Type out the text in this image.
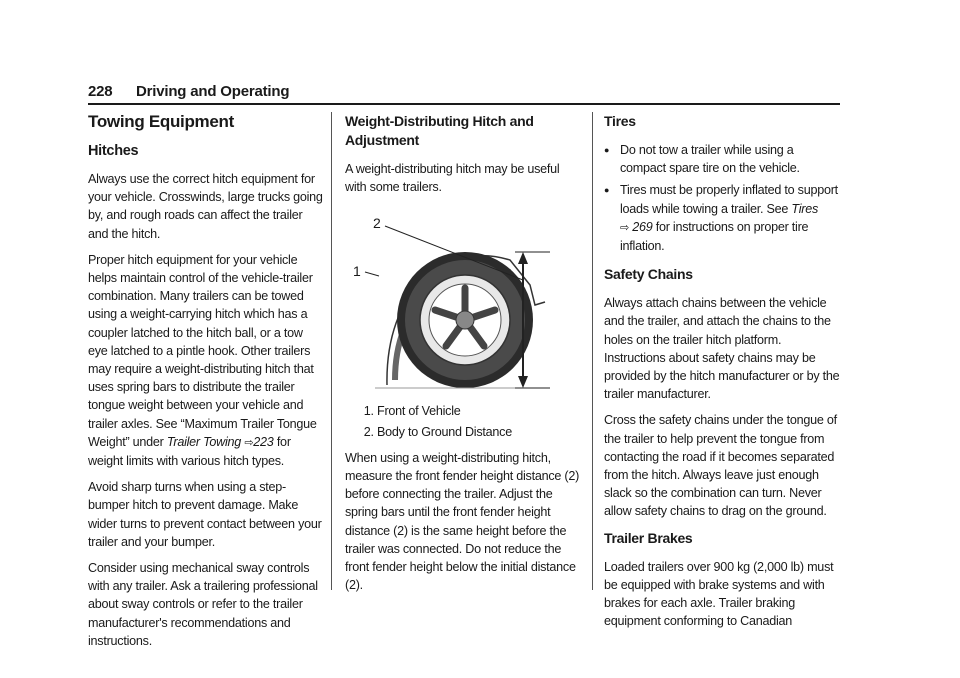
228 Driving and Operating
Towing Equipment
Hitches

Always use the correct hitch equipment for your vehicle. Crosswinds, large trucks going by, and rough roads can affect the trailer and the hitch.

Proper hitch equipment for your vehicle helps maintain control of the vehicle-trailer combination. Many trailers can be towed using a weight-carrying hitch which has a coupler latched to the hitch ball, or a tow eye latched to a pintle hook. Other trailers may require a weight-distributing hitch that uses spring bars to distribute the trailer tongue weight between your vehicle and trailer axles. See “Maximum Trailer Tongue Weight” under Trailer Towing ⇨223 for weight limits with various hitch types.

Avoid sharp turns when using a step-bumper hitch to prevent damage. Make wider turns to prevent contact between your trailer and your bumper.

Consider using mechanical sway controls with any trailer. Ask a trailering professional about sway controls or refer to the trailer manufacturer's recommendations and instructions.

Weight-Distributing Hitch and Adjustment

A weight-distributing hitch may be useful with some trailers.

2
1
1. Front of Vehicle
2. Body to Ground Distance

When using a weight-distributing hitch, measure the front fender height distance (2) before connecting the trailer. Adjust the spring bars until the front fender height distance (2) is the same height before the trailer was connected. Do not reduce the front fender height below the initial distance (2).

Tires
● Do not tow a trailer while using a compact spare tire on the vehicle.
● Tires must be properly inflated to support loads while towing a trailer. See Tires
⇨ 269 for instructions on proper tire inflation.
Safety Chains

Always attach chains between the vehicle and the trailer, and attach the chains to the holes on the trailer hitch platform. Instructions about safety chains may be provided by the hitch manufacturer or by the trailer manufacturer.

Cross the safety chains under the tongue of the trailer to help prevent the tongue from contacting the road if it becomes separated from the hitch. Always leave just enough slack so the combination can turn. Never allow safety chains to drag on the ground.

Trailer Brakes

Loaded trailers over 900 kg (2,000 lb) must be equipped with brake systems and with brakes for each axle. Trailer braking equipment conforming to Canadian
